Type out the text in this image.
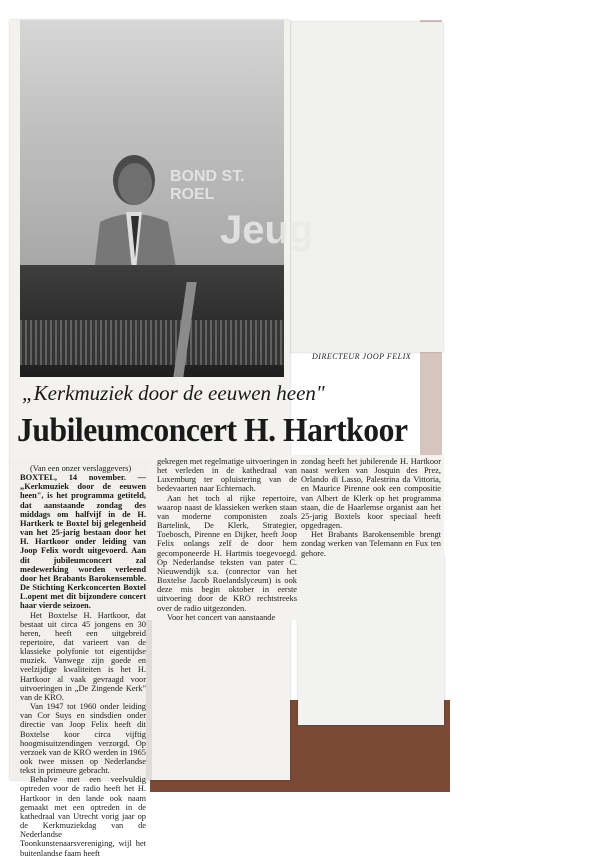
BOND ST. ROEL
Jeug
DIRECTEUR JOOP FELIX
„Kerkmuziek door de eeuwen heen"
Jubileumconcert H. Hartkoor

(Van een onzer verslaggevers)

BOXTEL, 14 november. — „Kerkmuziek door de eeuwen heen", is het programma getiteld, dat aanstaande zondag des middags om halfvijf in de H. Hartkerk te Boxtel bij gelegenheid van het 25-jarig bestaan door het H. Hartkoor onder leiding van Joop Felix wordt uitgevoerd. Aan dit jubileumconcert zal medewerking worden verleend door het Brabants Barokensemble. De Stichting Kerkconcerten Boxtel L.opent met dit bijzondere concert haar vierde seizoen.

Het Boxtelse H. Hartkoor, dat bestaat uit circa 45 jongens en 30 heren, heeft een uitgebreid repertoire, dat varieert van de klassieke polyfonie tot eigentijdse muziek. Vanwege zijn goede en veelzijdige kwaliteiten is het H. Hartkoor al vaak gevraagd voor uitvoeringen in „De Zingende Kerk" van de KRO.

Van 1947 tot 1960 onder leiding van Cor Suys en sindsdien onder directie van Joop Felix heeft dit Boxtelse koor circa vijftig hoogmisuitzendingen verzorgd. Op verzoek van de KRO werden in 1965 ook twee missen op Nederlandse tekst in primeure gebracht.

Behalve met een veelvuldig optreden voor de radio heeft het H. Hartkoor in den lande ook naam gemaakt met een optreden in de kathedraal van Utrecht vorig jaar op de Kerkmuziekdag van de Nederlandse Toonkunstenaarsvereniging, wijl het buitenlandse faam heeft

gekregen met regelmatige uitvoeringen in het verleden in de kathedraal van Luxemburg ter opluistering van de bedevaarten naar Echternach.

Aan het toch al rijke repertoire, waarop naast de klassieken werken staan van moderne componisten zoals Bartelink, De Klerk, Strategier, Toebosch, Pirenne en Dijker, heeft Joop Felix onlangs zelf de door hem gecomponeerde H. Hartmis toegevoegd. Op Nederlandse teksten van pater C. Nieuwendijk s.a. (conrector van het Boxtelse Jacob Roelandslyceum) is ook deze mis begin oktober in eerste uitvoering door de KRO rechtstreeks over de radio uitgezonden.

Voor het concert van aanstaande

zondag heeft het jubilerende H. Hartkoor naast werken van Josquin des Prez, Orlando di Lasso, Palestrina da Vittoria, en Maurice Pirenne ook een compositie van Albert de Klerk op het programma staan, die de Haarlemse organist aan het 25-jarig Boxtels koor speciaal heeft opgedragen.

Het Brabants Barokensemble brengt zondag werken van Telemann en Fux ten gehore.
